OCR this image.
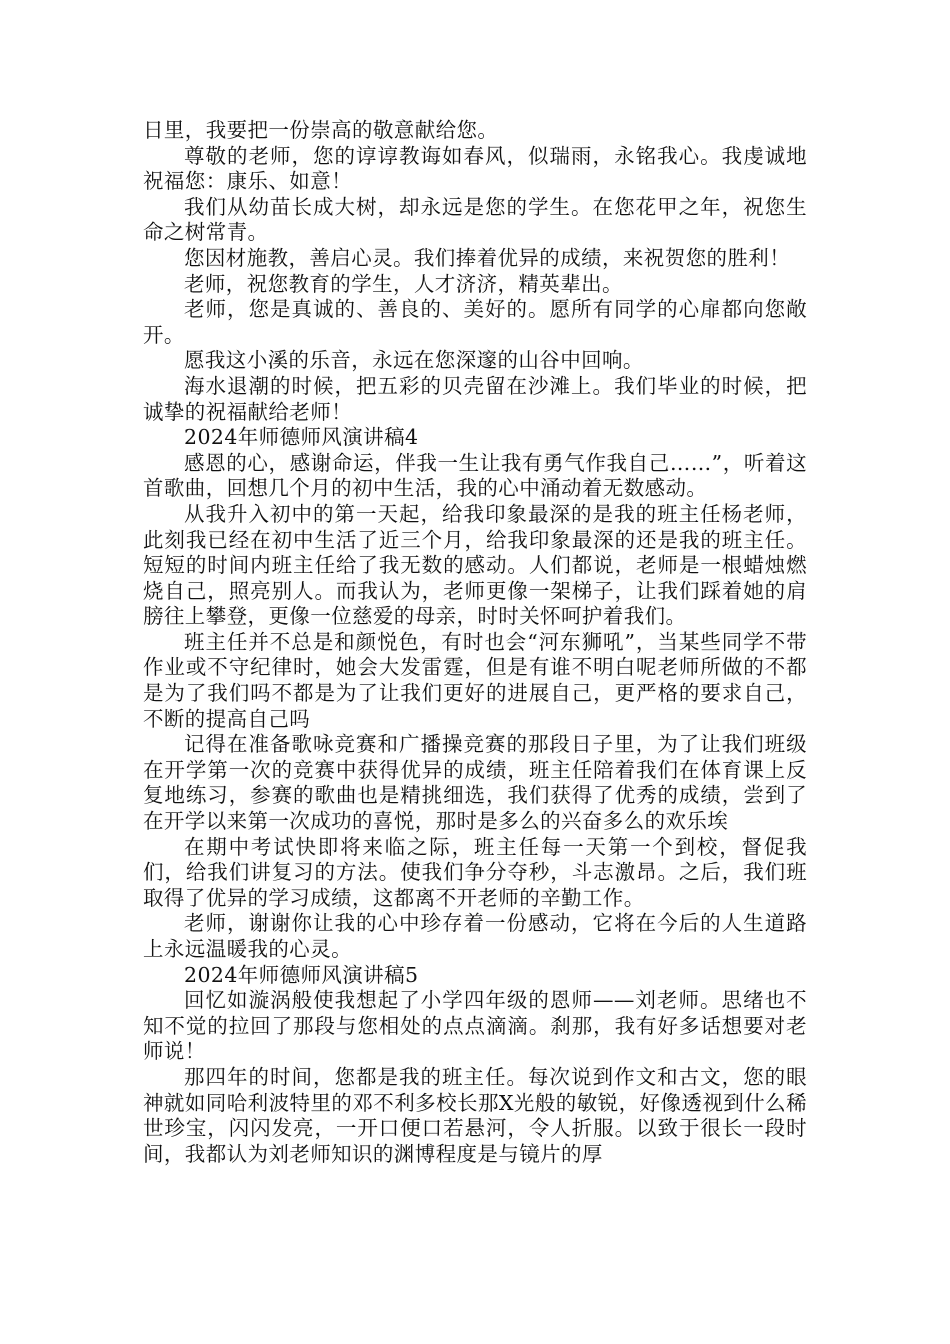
日里，我要把一份崇高的敬意献给您。

尊敬的老师，您的谆谆教诲如春风，似瑞雨，永铭我心。我虔诚地祝福您：康乐、如意！

我们从幼苗长成大树，却永远是您的学生。在您花甲之年，祝您生命之树常青。

您因材施教，善启心灵。我们捧着优异的成绩，来祝贺您的胜利！

老师，祝您教育的学生，人才济济，精英辈出。

老师，您是真诚的、善良的、美好的。愿所有同学的心扉都向您敞开。

愿我这小溪的乐音，永远在您深邃的山谷中回响。

海水退潮的时候，把五彩的贝壳留在沙滩上。我们毕业的时候，把诚挚的祝福献给老师！

2024年师德师风演讲稿4

感恩的心，感谢命运，伴我一生让我有勇气作我自己……”，听着这首歌曲，回想几个月的初中生活，我的心中涌动着无数感动。

从我升入初中的第一天起，给我印象最深的是我的班主任杨老师，此刻我已经在初中生活了近三个月，给我印象最深的还是我的班主任。短短的时间内班主任给了我无数的感动。人们都说，老师是一根蜡烛燃烧自己，照亮别人。而我认为，老师更像一架梯子，让我们踩着她的肩膀往上攀登，更像一位慈爱的母亲，时时关怀呵护着我们。

班主任并不总是和颜悦色，有时也会“河东狮吼”，当某些同学不带作业或不守纪律时，她会大发雷霆，但是有谁不明白呢老师所做的不都是为了我们吗不都是为了让我们更好的进展自己，更严格的要求自己，不断的提高自己吗

记得在准备歌咏竞赛和广播操竞赛的那段日子里，为了让我们班级在开学第一次的竞赛中获得优异的成绩，班主任陪着我们在体育课上反复地练习，参赛的歌曲也是精挑细选，我们获得了优秀的成绩，尝到了在开学以来第一次成功的喜悦，那时是多么的兴奋多么的欢乐埃

在期中考试快即将来临之际，班主任每一天第一个到校，督促我们，给我们讲复习的方法。使我们争分夺秒，斗志激昂。之后，我们班取得了优异的学习成绩，这都离不开老师的辛勤工作。

老师，谢谢你让我的心中珍存着一份感动，它将在今后的人生道路上永远温暖我的心灵。

2024年师德师风演讲稿5

回忆如漩涡般使我想起了小学四年级的恩师——刘老师。思绪也不知不觉的拉回了那段与您相处的点点滴滴。刹那，我有好多话想要对老师说！

那四年的时间，您都是我的班主任。每次说到作文和古文，您的眼神就如同哈利波特里的邓不利多校长那X光般的敏锐，好像透视到什么稀世珍宝，闪闪发亮，一开口便口若悬河，令人折服。以致于很长一段时间，我都认为刘老师知识的渊博程度是与镜片的厚
